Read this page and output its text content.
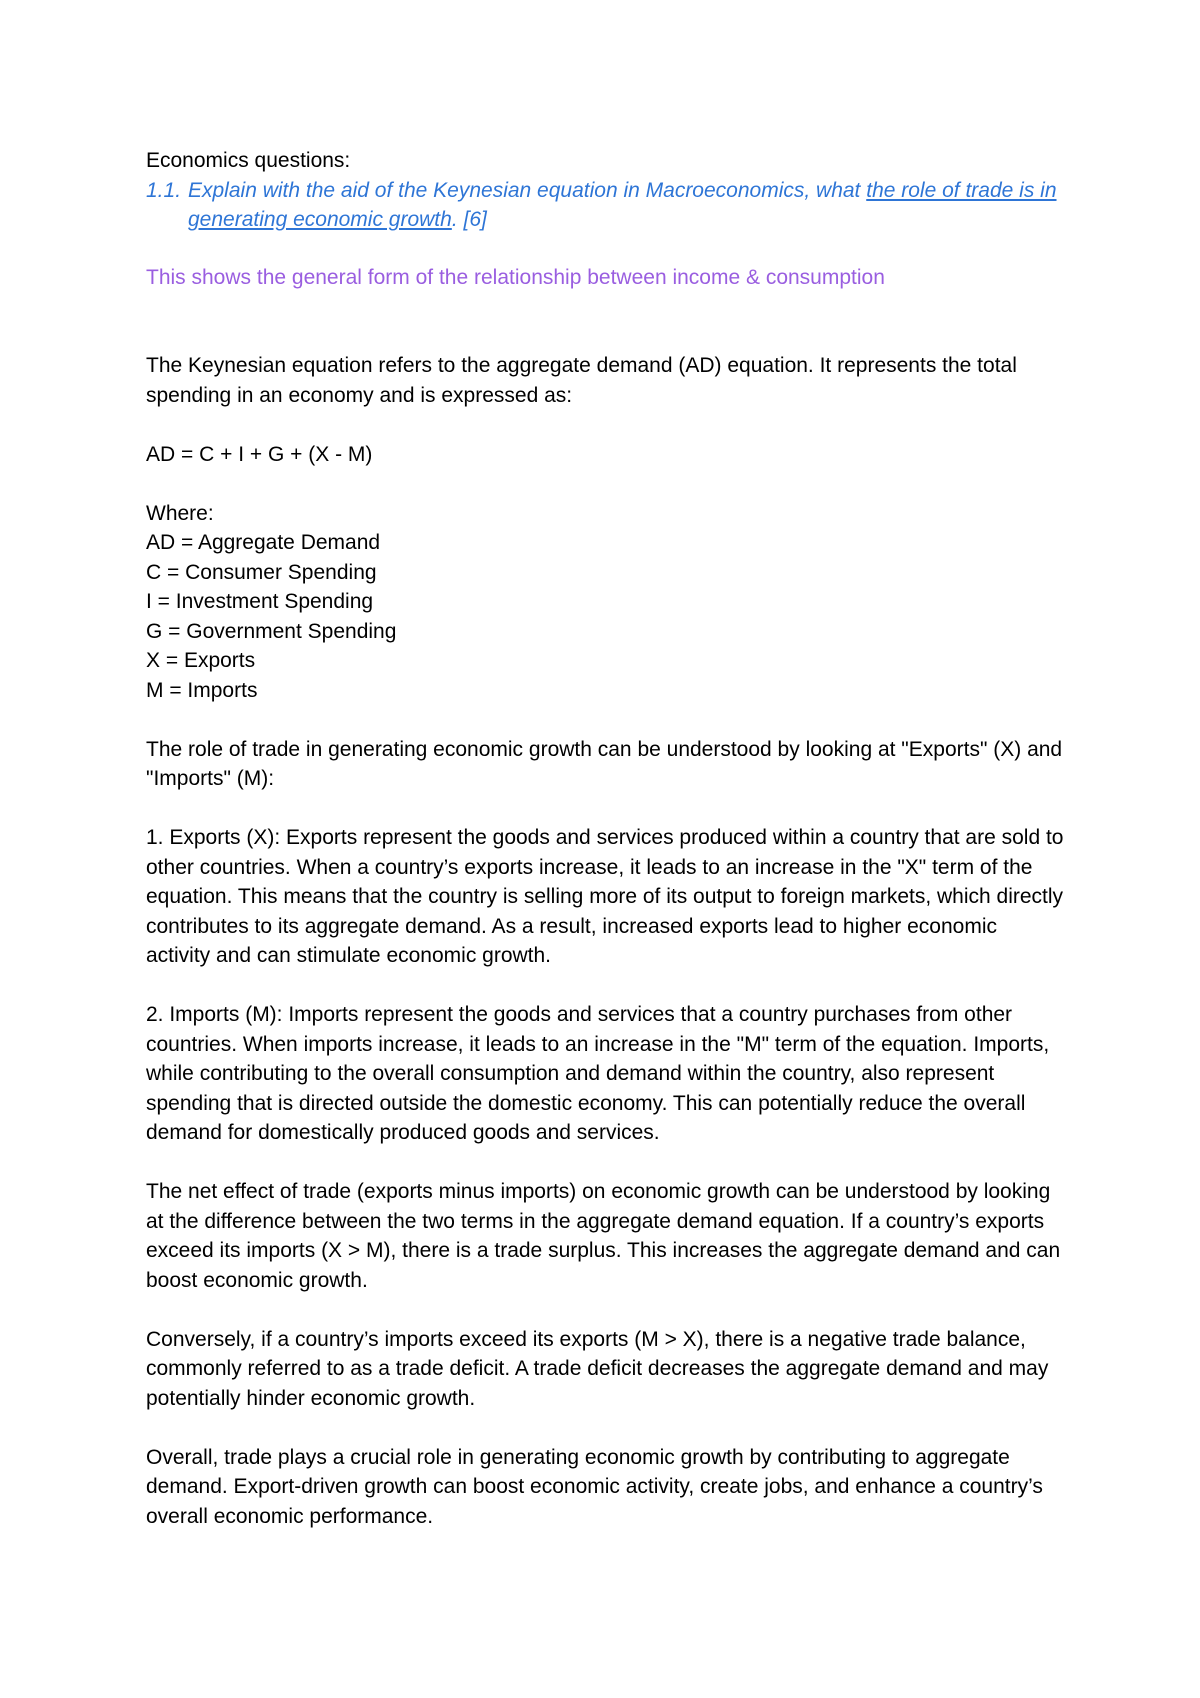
Economics questions:

1.1. Explain with the aid of the Keynesian equation in Macroeconomics, what the role of trade is in generating economic growth. [6]

This shows the general form of the relationship between income & consumption

The Keynesian equation refers to the aggregate demand (AD) equation. It represents the total spending in an economy and is expressed as:

AD = C + I + G + (X - M)

Where:

AD = Aggregate Demand

C = Consumer Spending

I = Investment Spending

G = Government Spending

X = Exports

M = Imports

The role of trade in generating economic growth can be understood by looking at "Exports" (X) and "Imports" (M):

1. Exports (X): Exports represent the goods and services produced within a country that are sold to other countries. When a country’s exports increase, it leads to an increase in the "X" term of the equation. This means that the country is selling more of its output to foreign markets, which directly contributes to its aggregate demand. As a result, increased exports lead to higher economic activity and can stimulate economic growth.

2. Imports (M): Imports represent the goods and services that a country purchases from other countries. When imports increase, it leads to an increase in the "M" term of the equation. Imports, while contributing to the overall consumption and demand within the country, also represent spending that is directed outside the domestic economy. This can potentially reduce the overall demand for domestically produced goods and services.

The net effect of trade (exports minus imports) on economic growth can be understood by looking at the difference between the two terms in the aggregate demand equation. If a country’s exports exceed its imports (X > M), there is a trade surplus. This increases the aggregate demand and can boost economic growth.

Conversely, if a country’s imports exceed its exports (M > X), there is a negative trade balance, commonly referred to as a trade deficit. A trade deficit decreases the aggregate demand and may potentially hinder economic growth.

Overall, trade plays a crucial role in generating economic growth by contributing to aggregate demand. Export-driven growth can boost economic activity, create jobs, and enhance a country’s overall economic performance.
